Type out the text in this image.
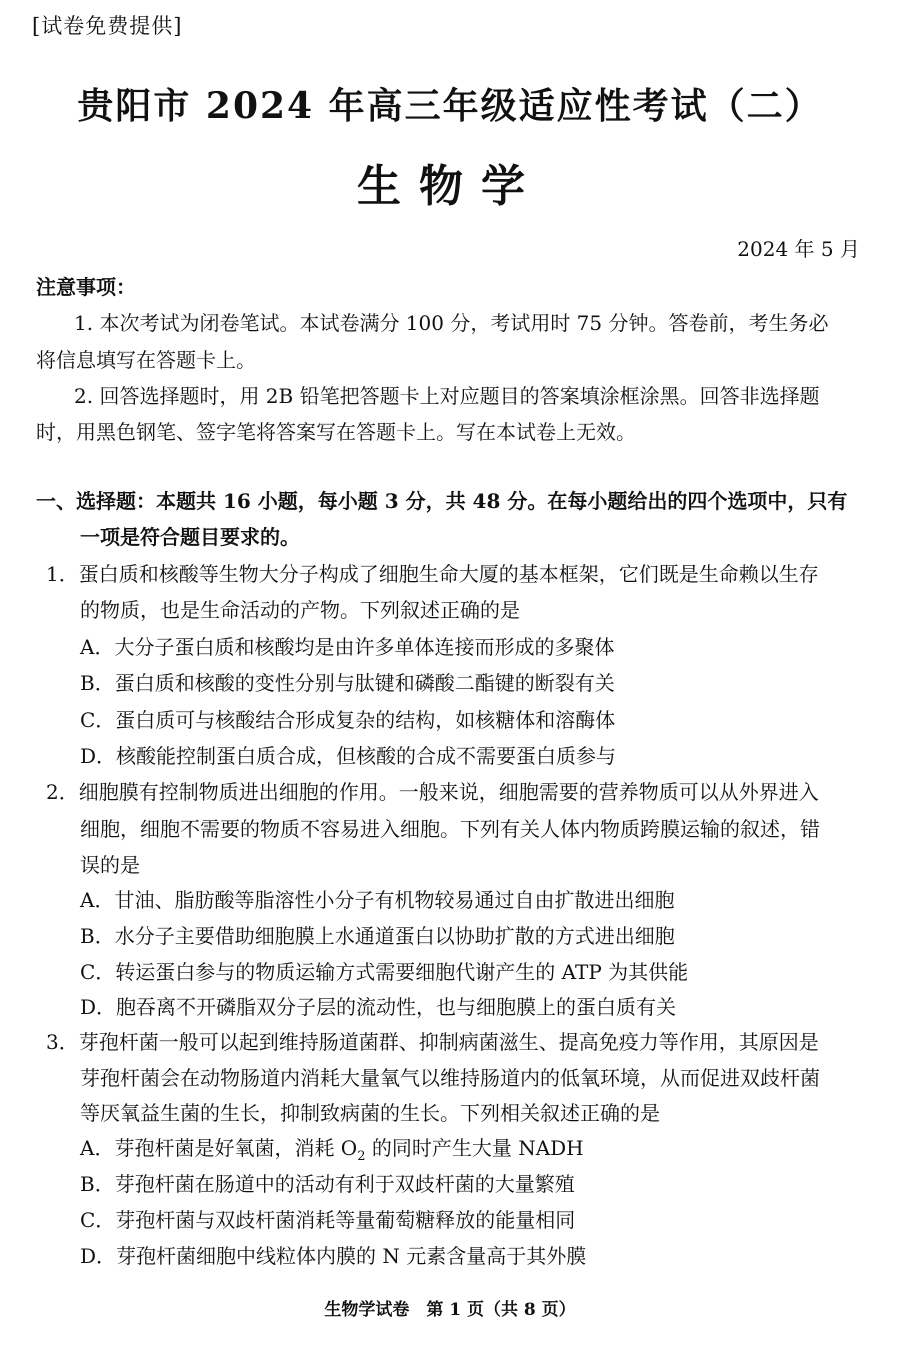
[试卷免费提供]
贵阳市 2024 年高三年级适应性考试（二）
生物学
2024 年 5 月
注意事项：
1. 本次考试为闭卷笔试。本试卷满分 100 分，考试用时 75 分钟。答卷前，考生务必
将信息填写在答题卡上。
2. 回答选择题时，用 2B 铅笔把答题卡上对应题目的答案填涂框涂黑。回答非选择题
时，用黑色钢笔、签字笔将答案写在答题卡上。写在本试卷上无效。
一、选择题：本题共 16 小题，每小题 3 分，共 48 分。在每小题给出的四个选项中，只有
一项是符合题目要求的。
1．蛋白质和核酸等生物大分子构成了细胞生命大厦的基本框架，它们既是生命赖以生存
的物质，也是生命活动的产物。下列叙述正确的是
A．大分子蛋白质和核酸均是由许多单体连接而形成的多聚体
B．蛋白质和核酸的变性分别与肽键和磷酸二酯键的断裂有关
C．蛋白质可与核酸结合形成复杂的结构，如核糖体和溶酶体
D．核酸能控制蛋白质合成，但核酸的合成不需要蛋白质参与
2．细胞膜有控制物质进出细胞的作用。一般来说，细胞需要的营养物质可以从外界进入
细胞，细胞不需要的物质不容易进入细胞。下列有关人体内物质跨膜运输的叙述，错
误的是
A．甘油、脂肪酸等脂溶性小分子有机物较易通过自由扩散进出细胞
B．水分子主要借助细胞膜上水通道蛋白以协助扩散的方式进出细胞
C．转运蛋白参与的物质运输方式需要细胞代谢产生的 ATP 为其供能
D．胞吞离不开磷脂双分子层的流动性，也与细胞膜上的蛋白质有关
3．芽孢杆菌一般可以起到维持肠道菌群、抑制病菌滋生、提高免疫力等作用，其原因是
芽孢杆菌会在动物肠道内消耗大量氧气以维持肠道内的低氧环境，从而促进双歧杆菌
等厌氧益生菌的生长，抑制致病菌的生长。下列相关叙述正确的是
A．芽孢杆菌是好氧菌，消耗 $O_2$ 的同时产生大量 NADH
B．芽孢杆菌在肠道中的活动有利于双歧杆菌的大量繁殖
C．芽孢杆菌与双歧杆菌消耗等量葡萄糖释放的能量相同
D．芽孢杆菌细胞中线粒体内膜的 N 元素含量高于其外膜
生物学试卷　第 1 页（共 8 页）
